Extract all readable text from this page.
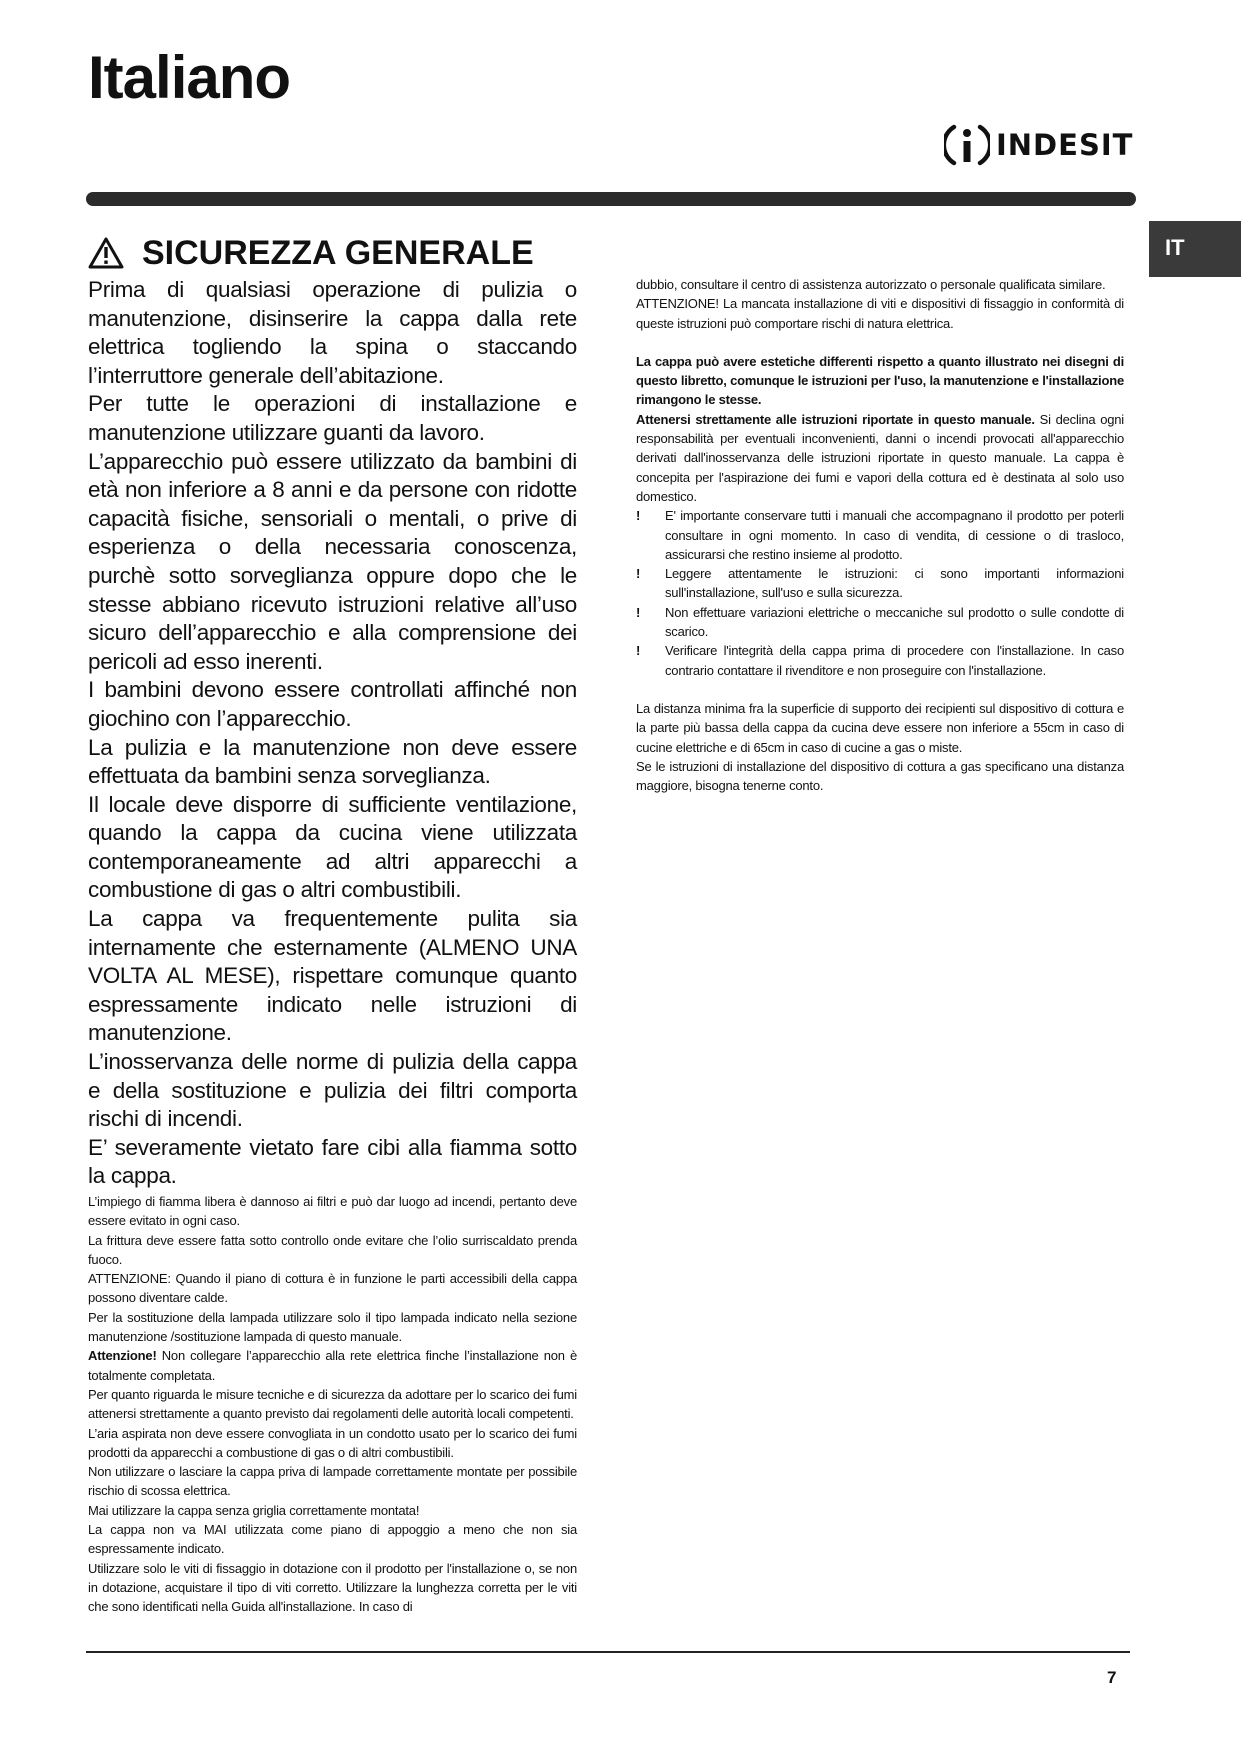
Italiano
INDESIT
IT
SICUREZZA GENERALE

Prima di qualsiasi operazione di pulizia o manutenzione, disinserire la cappa dalla rete elettrica togliendo la spina o staccando l’interruttore generale dell’abitazione.

Per tutte le operazioni di installazione e manutenzione utilizzare guanti da lavoro.

L’apparecchio può essere utilizzato da bambini di età non inferiore a 8 anni e da persone con ridotte capacità fisiche, sensoriali o mentali, o prive di esperienza o della necessaria conoscenza, purchè sotto sorveglianza oppure dopo che le stesse abbiano ricevuto istruzioni relative all’uso sicuro dell’apparecchio e alla comprensione dei pericoli ad esso inerenti.

I bambini devono essere controllati affinché non giochino con l’apparecchio.

La pulizia e la manutenzione non deve essere effettuata da bambini senza sorveglianza.

Il locale deve disporre di sufficiente ventilazione, quando la cappa da cucina viene utilizzata contemporaneamente ad altri apparecchi a combustione di gas o altri combustibili.

La cappa va frequentemente pulita sia internamente che esternamente (ALMENO UNA VOLTA AL MESE), rispettare comunque quanto espressamente indicato nelle istruzioni di manutenzione.

L’inosservanza delle norme di pulizia della cappa e della sostituzione e pulizia dei filtri comporta rischi di incendi.

E’ severamente vietato fare cibi alla fiamma sotto la cappa.

L’impiego di fiamma libera è dannoso ai filtri e può dar luogo ad incendi, pertanto deve essere evitato in ogni caso.

La frittura deve essere fatta sotto controllo onde evitare che l’olio surriscaldato prenda fuoco.

ATTENZIONE: Quando il piano di cottura è in funzione le parti accessibili della cappa possono diventare calde.

Per la sostituzione della lampada utilizzare solo il tipo lampada indicato nella sezione manutenzione /sostituzione lampada di questo manuale.

Attenzione! Non collegare l’apparecchio alla rete elettrica finche l’installazione non è totalmente completata.

Per quanto riguarda le misure tecniche e di sicurezza da adottare per lo scarico dei fumi attenersi strettamente a quanto previsto dai regolamenti delle autorità locali competenti.

L’aria aspirata non deve essere convogliata in un condotto usato per lo scarico dei fumi prodotti da apparecchi a combustione di gas o di altri combustibili.

Non utilizzare o lasciare la cappa priva di lampade correttamente montate per possibile rischio di scossa elettrica.

Mai utilizzare la cappa senza griglia correttamente montata!

La cappa non va MAI utilizzata come piano di appoggio a meno che non sia espressamente indicato.

Utilizzare solo le viti di fissaggio in dotazione con il prodotto per l'installazione o, se non in dotazione, acquistare il tipo di viti corretto. Utilizzare la lunghezza corretta per le viti che sono identificati nella Guida all'installazione. In caso di

dubbio, consultare il centro di assistenza autorizzato o personale qualificata similare.

ATTENZIONE! La mancata installazione di viti e dispositivi di fissaggio in conformità di queste istruzioni può comportare rischi di natura elettrica.

La cappa può avere estetiche differenti rispetto a quanto illustrato nei disegni di questo libretto, comunque le istruzioni per l'uso, la manutenzione e l'installazione rimangono le stesse.

Attenersi strettamente alle istruzioni riportate in questo manuale. Si declina ogni responsabilità per eventuali inconvenienti, danni o incendi provocati all'apparecchio derivati dall'inosservanza delle istruzioni riportate in questo manuale. La cappa è concepita per l'aspirazione dei fumi e vapori della cottura ed è destinata al solo uso domestico.

! E' importante conservare tutti i manuali che accompagnano il prodotto per poterli consultare in ogni momento. In caso di vendita, di cessione o di trasloco, assicurarsi che restino insieme al prodotto.
! Leggere attentamente le istruzioni: ci sono importanti informazioni sull'installazione, sull'uso e sulla sicurezza.
! Non effettuare variazioni elettriche o meccaniche sul prodotto o sulle condotte di scarico.
! Verificare l'integrità della cappa prima di procedere con l'installazione. In caso contrario contattare il rivenditore e non proseguire con l'installazione.

La distanza minima fra la superficie di supporto dei recipienti sul dispositivo di cottura e la parte più bassa della cappa da cucina deve essere non inferiore a 55cm in caso di cucine elettriche e di 65cm in caso di cucine a gas o miste.

Se le istruzioni di installazione del dispositivo di cottura a gas specificano una distanza maggiore, bisogna tenerne conto.

7
